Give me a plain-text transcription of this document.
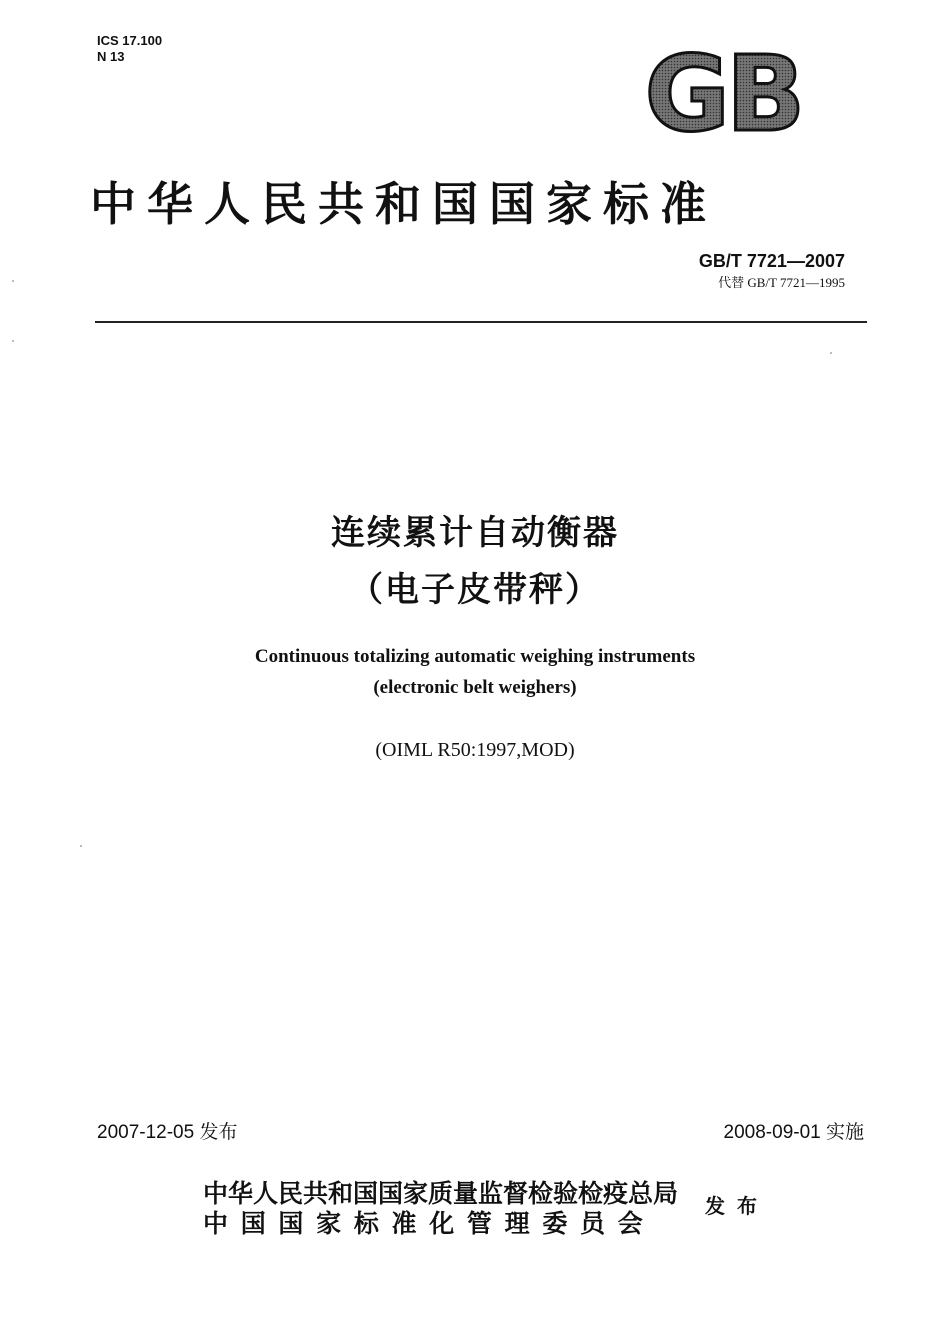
ICS 17.100
N 13	GB
中华人民共和国国家标准
GB/T 7721—2007
代替 GB/T 7721—1995
连续累计自动衡器
（电子皮带秤）
Continuous totalizing automatic weighing instruments
(electronic belt weighers)
(OIML R50:1997,MOD)
2007-12-05 发布	2008-09-01 实施
中华人民共和国国家质量监督检验检疫总局
中 国 国 家 标 准 化 管 理 委 员 会
发布
